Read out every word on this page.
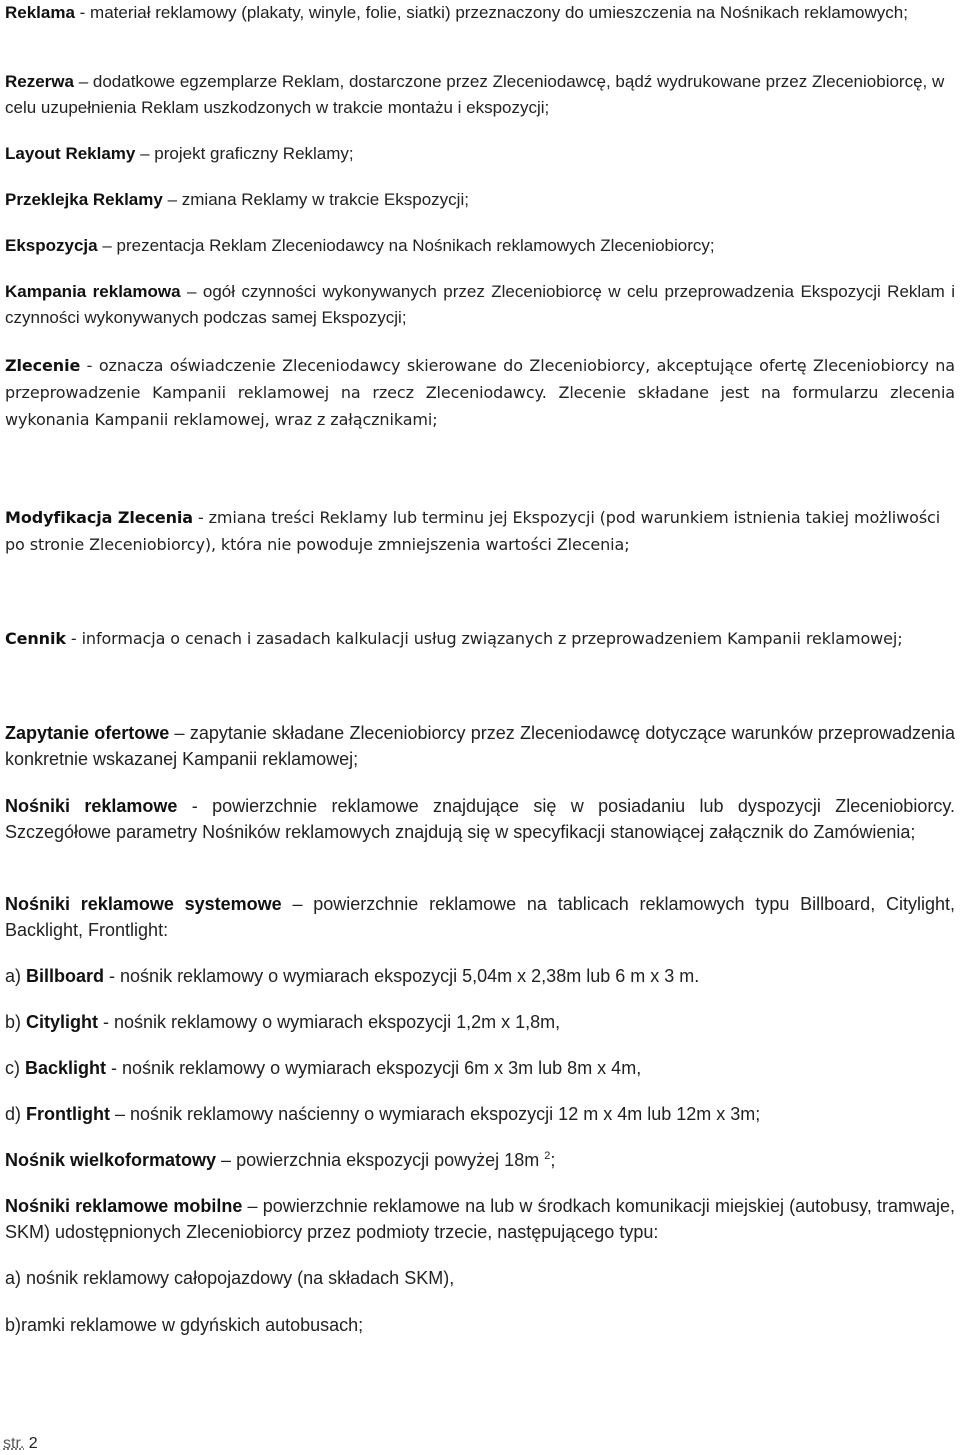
Reklama - materiał reklamowy (plakaty, winyle, folie, siatki) przeznaczony do umieszczenia na Nośnikach reklamowych;

Rezerwa – dodatkowe egzemplarze Reklam, dostarczone przez Zleceniodawcę, bądź wydrukowane przez Zleceniobiorcę, w celu uzupełnienia Reklam uszkodzonych w trakcie montażu i ekspozycji;

Layout Reklamy – projekt graficzny Reklamy;

Przeklejka Reklamy – zmiana Reklamy w trakcie Ekspozycji;

Ekspozycja – prezentacja Reklam Zleceniodawcy na Nośnikach reklamowych Zleceniobiorcy;

Kampania reklamowa – ogół czynności wykonywanych przez Zleceniobiorcę w celu przeprowadzenia Ekspozycji Reklam i czynności wykonywanych podczas samej Ekspozycji;

Zlecenie - oznacza oświadczenie Zleceniodawcy skierowane do Zleceniobiorcy, akceptujące ofertę Zleceniobiorcy na przeprowadzenie Kampanii reklamowej na rzecz Zleceniodawcy. Zlecenie składane jest na formularzu zlecenia wykonania Kampanii reklamowej, wraz z załącznikami;

Modyfikacja Zlecenia - zmiana treści Reklamy lub terminu jej Ekspozycji (pod warunkiem istnienia takiej możliwości po stronie Zleceniobiorcy), która nie powoduje zmniejszenia wartości Zlecenia;

Cennik - informacja o cenach i zasadach kalkulacji usług związanych z przeprowadzeniem Kampanii reklamowej;

Zapytanie ofertowe – zapytanie składane Zleceniobiorcy przez Zleceniodawcę dotyczące warunków przeprowadzenia konkretnie wskazanej Kampanii reklamowej;

Nośniki reklamowe - powierzchnie reklamowe znajdujące się w posiadaniu lub dyspozycji Zleceniobiorcy. Szczegółowe parametry Nośników reklamowych znajdują się w specyfikacji stanowiącej załącznik do Zamówienia;

Nośniki reklamowe systemowe – powierzchnie reklamowe na tablicach reklamowych typu Billboard, Citylight, Backlight, Frontlight:

a) Billboard - nośnik reklamowy o wymiarach ekspozycji 5,04m x 2,38m lub 6 m x 3 m.

b) Citylight - nośnik reklamowy o wymiarach ekspozycji 1,2m x 1,8m,

c) Backlight - nośnik reklamowy o wymiarach ekspozycji 6m x 3m lub 8m x 4m,

d) Frontlight – nośnik reklamowy naścienny o wymiarach ekspozycji 12 m x 4m lub 12m x 3m;

Nośnik wielkoformatowy – powierzchnia ekspozycji powyżej 18m $^2$;

Nośniki reklamowe mobilne – powierzchnie reklamowe na lub w środkach komunikacji miejskiej (autobusy, tramwaje, SKM) udostępnionych Zleceniobiorcy przez podmioty trzecie, następującego typu:

a) nośnik reklamowy całopojazdowy (na składach SKM),

b)ramki reklamowe w gdyńskich autobusach;

str. 2
